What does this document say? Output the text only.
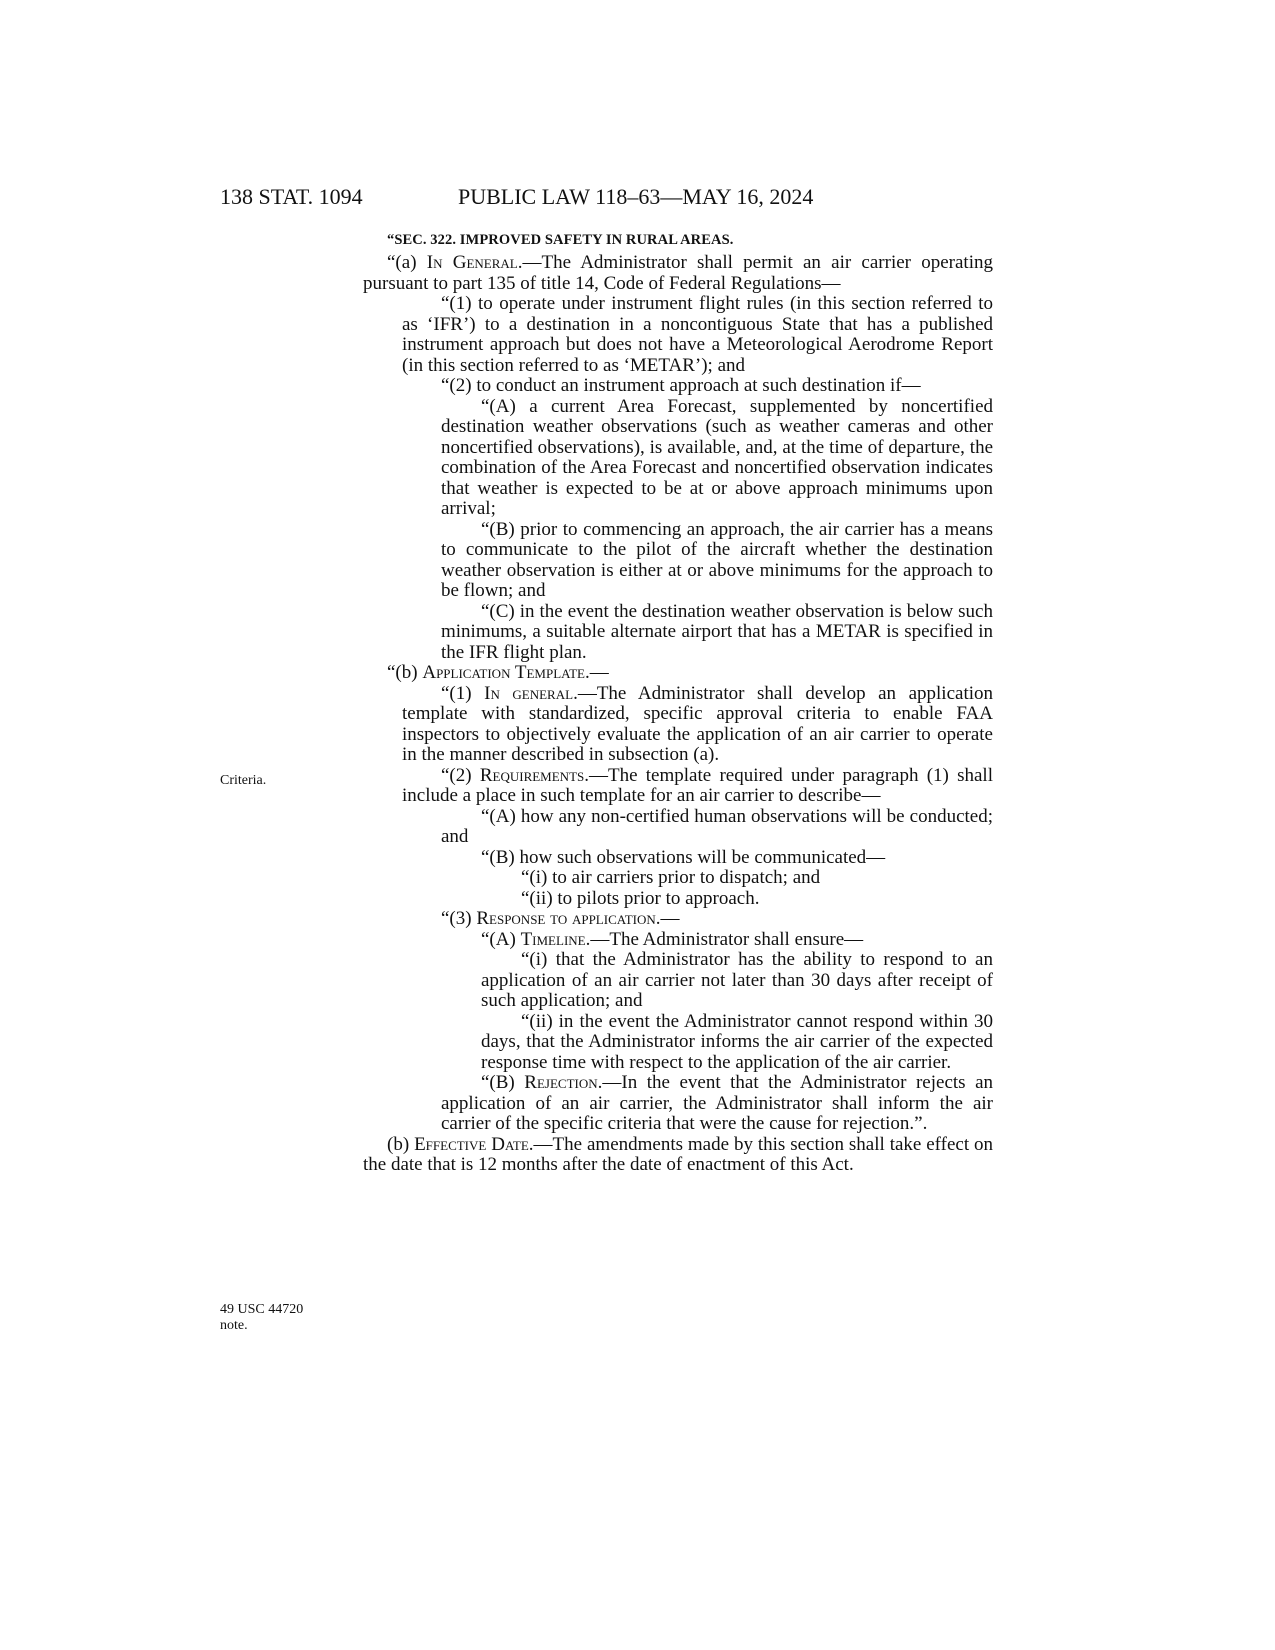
138 STAT. 1094	PUBLIC LAW 118–63—MAY 16, 2024
“SEC. 322. IMPROVED SAFETY IN RURAL AREAS.
Criteria.
49 USC 44720
note.

“(a) In General.—The Administrator shall permit an air carrier operating pursuant to part 135 of title 14, Code of Federal Regulations—

“(1) to operate under instrument flight rules (in this section referred to as ‘IFR’) to a destination in a noncontiguous State that has a published instrument approach but does not have a Meteorological Aerodrome Report (in this section referred to as ‘METAR’); and

“(2) to conduct an instrument approach at such destination if—

“(A) a current Area Forecast, supplemented by noncertified destination weather observations (such as weather cameras and other noncertified observations), is available, and, at the time of departure, the combination of the Area Forecast and noncertified observation indicates that weather is expected to be at or above approach minimums upon arrival;

“(B) prior to commencing an approach, the air carrier has a means to communicate to the pilot of the aircraft whether the destination weather observation is either at or above minimums for the approach to be flown; and

“(C) in the event the destination weather observation is below such minimums, a suitable alternate airport that has a METAR is specified in the IFR flight plan.

“(b) Application Template.—

“(1) In general.—The Administrator shall develop an application template with standardized, specific approval criteria to enable FAA inspectors to objectively evaluate the application of an air carrier to operate in the manner described in subsection (a).

“(2) Requirements.—The template required under paragraph (1) shall include a place in such template for an air carrier to describe—

“(A) how any non-certified human observations will be conducted; and

“(B) how such observations will be communicated—

“(i) to air carriers prior to dispatch; and

“(ii) to pilots prior to approach.

“(3) Response to application.—

“(A) Timeline.—The Administrator shall ensure—

“(i) that the Administrator has the ability to respond to an application of an air carrier not later than 30 days after receipt of such application; and

“(ii) in the event the Administrator cannot respond within 30 days, that the Administrator informs the air carrier of the expected response time with respect to the application of the air carrier.

“(B) Rejection.—In the event that the Administrator rejects an application of an air carrier, the Administrator shall inform the air carrier of the specific criteria that were the cause for rejection.”.

(b) Effective Date.—The amendments made by this section shall take effect on the date that is 12 months after the date of enactment of this Act.
